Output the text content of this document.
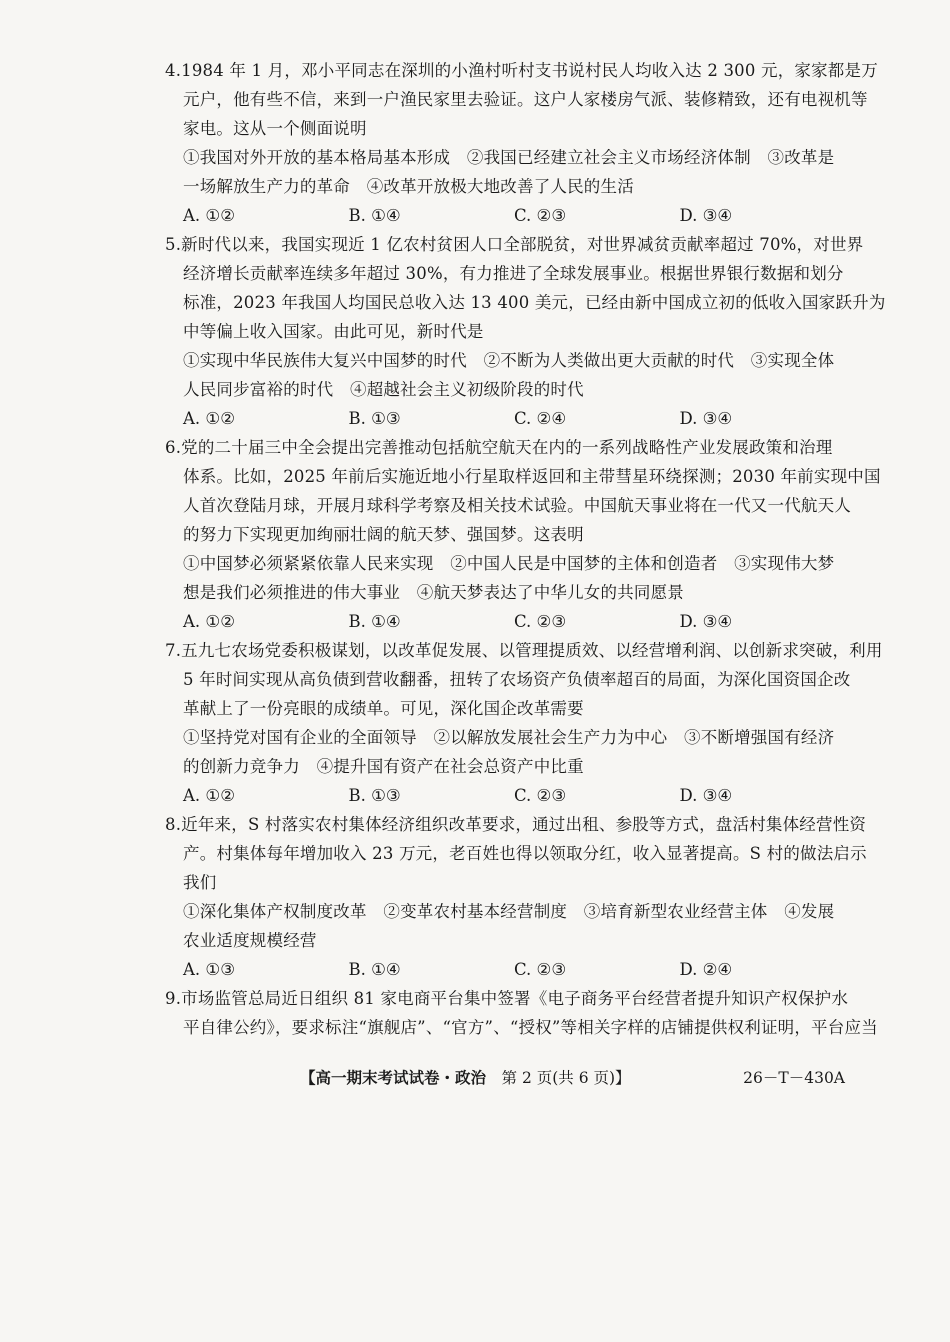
4.1984 年 1 月，邓小平同志在深圳的小渔村听村支书说村民人均收入达 2 300 元，家家都是万
元户，他有些不信，来到一户渔民家里去验证。这户人家楼房气派、装修精致，还有电视机等
家电。这从一个侧面说明
①我国对外开放的基本格局基本形成　②我国已经建立社会主义市场经济体制　③改革是
一场解放生产力的革命　④改革开放极大地改善了人民的生活
A. ①②	B. ①④	C. ②③	D. ③④
5.新时代以来，我国实现近 1 亿农村贫困人口全部脱贫，对世界减贫贡献率超过 70%，对世界
经济增长贡献率连续多年超过 30%，有力推进了全球发展事业。根据世界银行数据和划分
标准，2023 年我国人均国民总收入达 13 400 美元，已经由新中国成立初的低收入国家跃升为
中等偏上收入国家。由此可见，新时代是
①实现中华民族伟大复兴中国梦的时代　②不断为人类做出更大贡献的时代　③实现全体
人民同步富裕的时代　④超越社会主义初级阶段的时代
A. ①②	B. ①③	C. ②④	D. ③④
6.党的二十届三中全会提出完善推动包括航空航天在内的一系列战略性产业发展政策和治理
体系。比如，2025 年前后实施近地小行星取样返回和主带彗星环绕探测；2030 年前实现中国
人首次登陆月球，开展月球科学考察及相关技术试验。中国航天事业将在一代又一代航天人
的努力下实现更加绚丽壮阔的航天梦、强国梦。这表明
①中国梦必须紧紧依靠人民来实现　②中国人民是中国梦的主体和创造者　③实现伟大梦
想是我们必须推进的伟大事业　④航天梦表达了中华儿女的共同愿景
A. ①②	B. ①④	C. ②③	D. ③④
7.五九七农场党委积极谋划，以改革促发展、以管理提质效、以经营增利润、以创新求突破，利用
5 年时间实现从高负债到营收翻番，扭转了农场资产负债率超百的局面，为深化国资国企改
革献上了一份亮眼的成绩单。可见，深化国企改革需要
①坚持党对国有企业的全面领导　②以解放发展社会生产力为中心　③不断增强国有经济
的创新力竞争力　④提升国有资产在社会总资产中比重
A. ①②	B. ①③	C. ②③	D. ③④
8.近年来，S 村落实农村集体经济组织改革要求，通过出租、参股等方式，盘活村集体经营性资
产。村集体每年增加收入 23 万元，老百姓也得以领取分红，收入显著提高。S 村的做法启示
我们
①深化集体产权制度改革　②变革农村基本经营制度　③培育新型农业经营主体　④发展
农业适度规模经营
A. ①③	B. ①④	C. ②③	D. ②④
9.市场监管总局近日组织 81 家电商平台集中签署《电子商务平台经营者提升知识产权保护水
平自律公约》，要求标注“旗舰店”、“官方”、“授权”等相关字样的店铺提供权利证明，平台应当
【高一期末考试试卷・政治　第 2 页(共 6 页)】	26－T－430A
